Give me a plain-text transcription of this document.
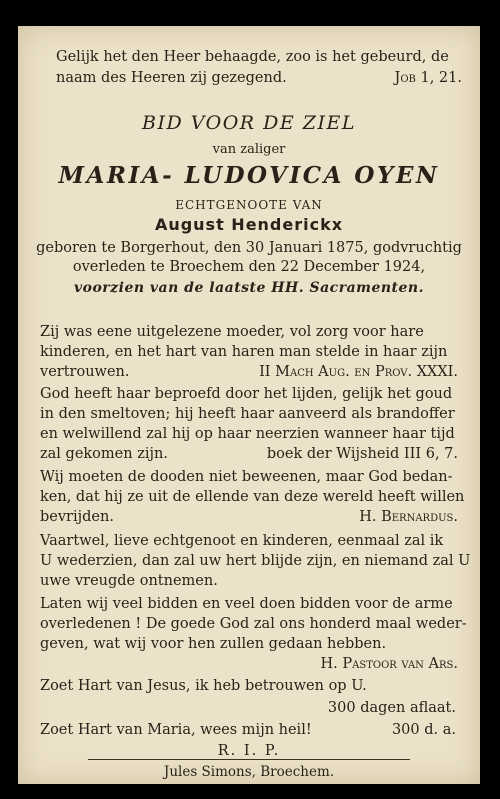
Gelijk het den Heer behaagde, zoo is het gebeurd, de
naam des Heeren zij gezegend.	Job 1, 21.
BID VOOR DE ZIEL
van zaliger
MARIA- LUDOVICA OYEN
ECHTGENOOTE VAN
August Henderickx
geboren te Borgerhout, den 30 Januari 1875, godvruchtig
overleden te Broechem den 22 December 1924,
voorzien van de laatste HH. Sacramenten.
Zij was eene uitgelezene moeder, vol zorg voor hare
kinderen, en het hart van haren man stelde in haar zijn
vertrouwen.	II Mach Aug. en Prov. XXXI.
God heeft haar beproefd door het lijden, gelijk het goud
in den smeltoven; hij heeft haar aanveerd als brandoffer
en welwillend zal hij op haar neerzien wanneer haar tijd
zal gekomen zijn.	boek der Wijsheid III 6, 7.
Wij moeten de dooden niet beweenen, maar God bedan-
ken, dat hij ze uit de ellende van deze wereld heeft willen
bevrijden.	H. Bernardus.
Vaartwel, lieve echtgenoot en kinderen, eenmaal zal ik
U wederzien, dan zal uw hert blijde zijn, en niemand zal U
uwe vreugde ontnemen.
Laten wij veel bidden en veel doen bidden voor de arme
overledenen ! De goede God zal ons honderd maal weder-
geven, wat wij voor hen zullen gedaan hebben.
H. Pastoor van Ars.
Zoet Hart van Jesus, ik heb betrouwen op U.
300 dagen aflaat.
Zoet Hart van Maria, wees mijn heil!	300 d. a.
R. I. P.
Jules Simons, Broechem.
